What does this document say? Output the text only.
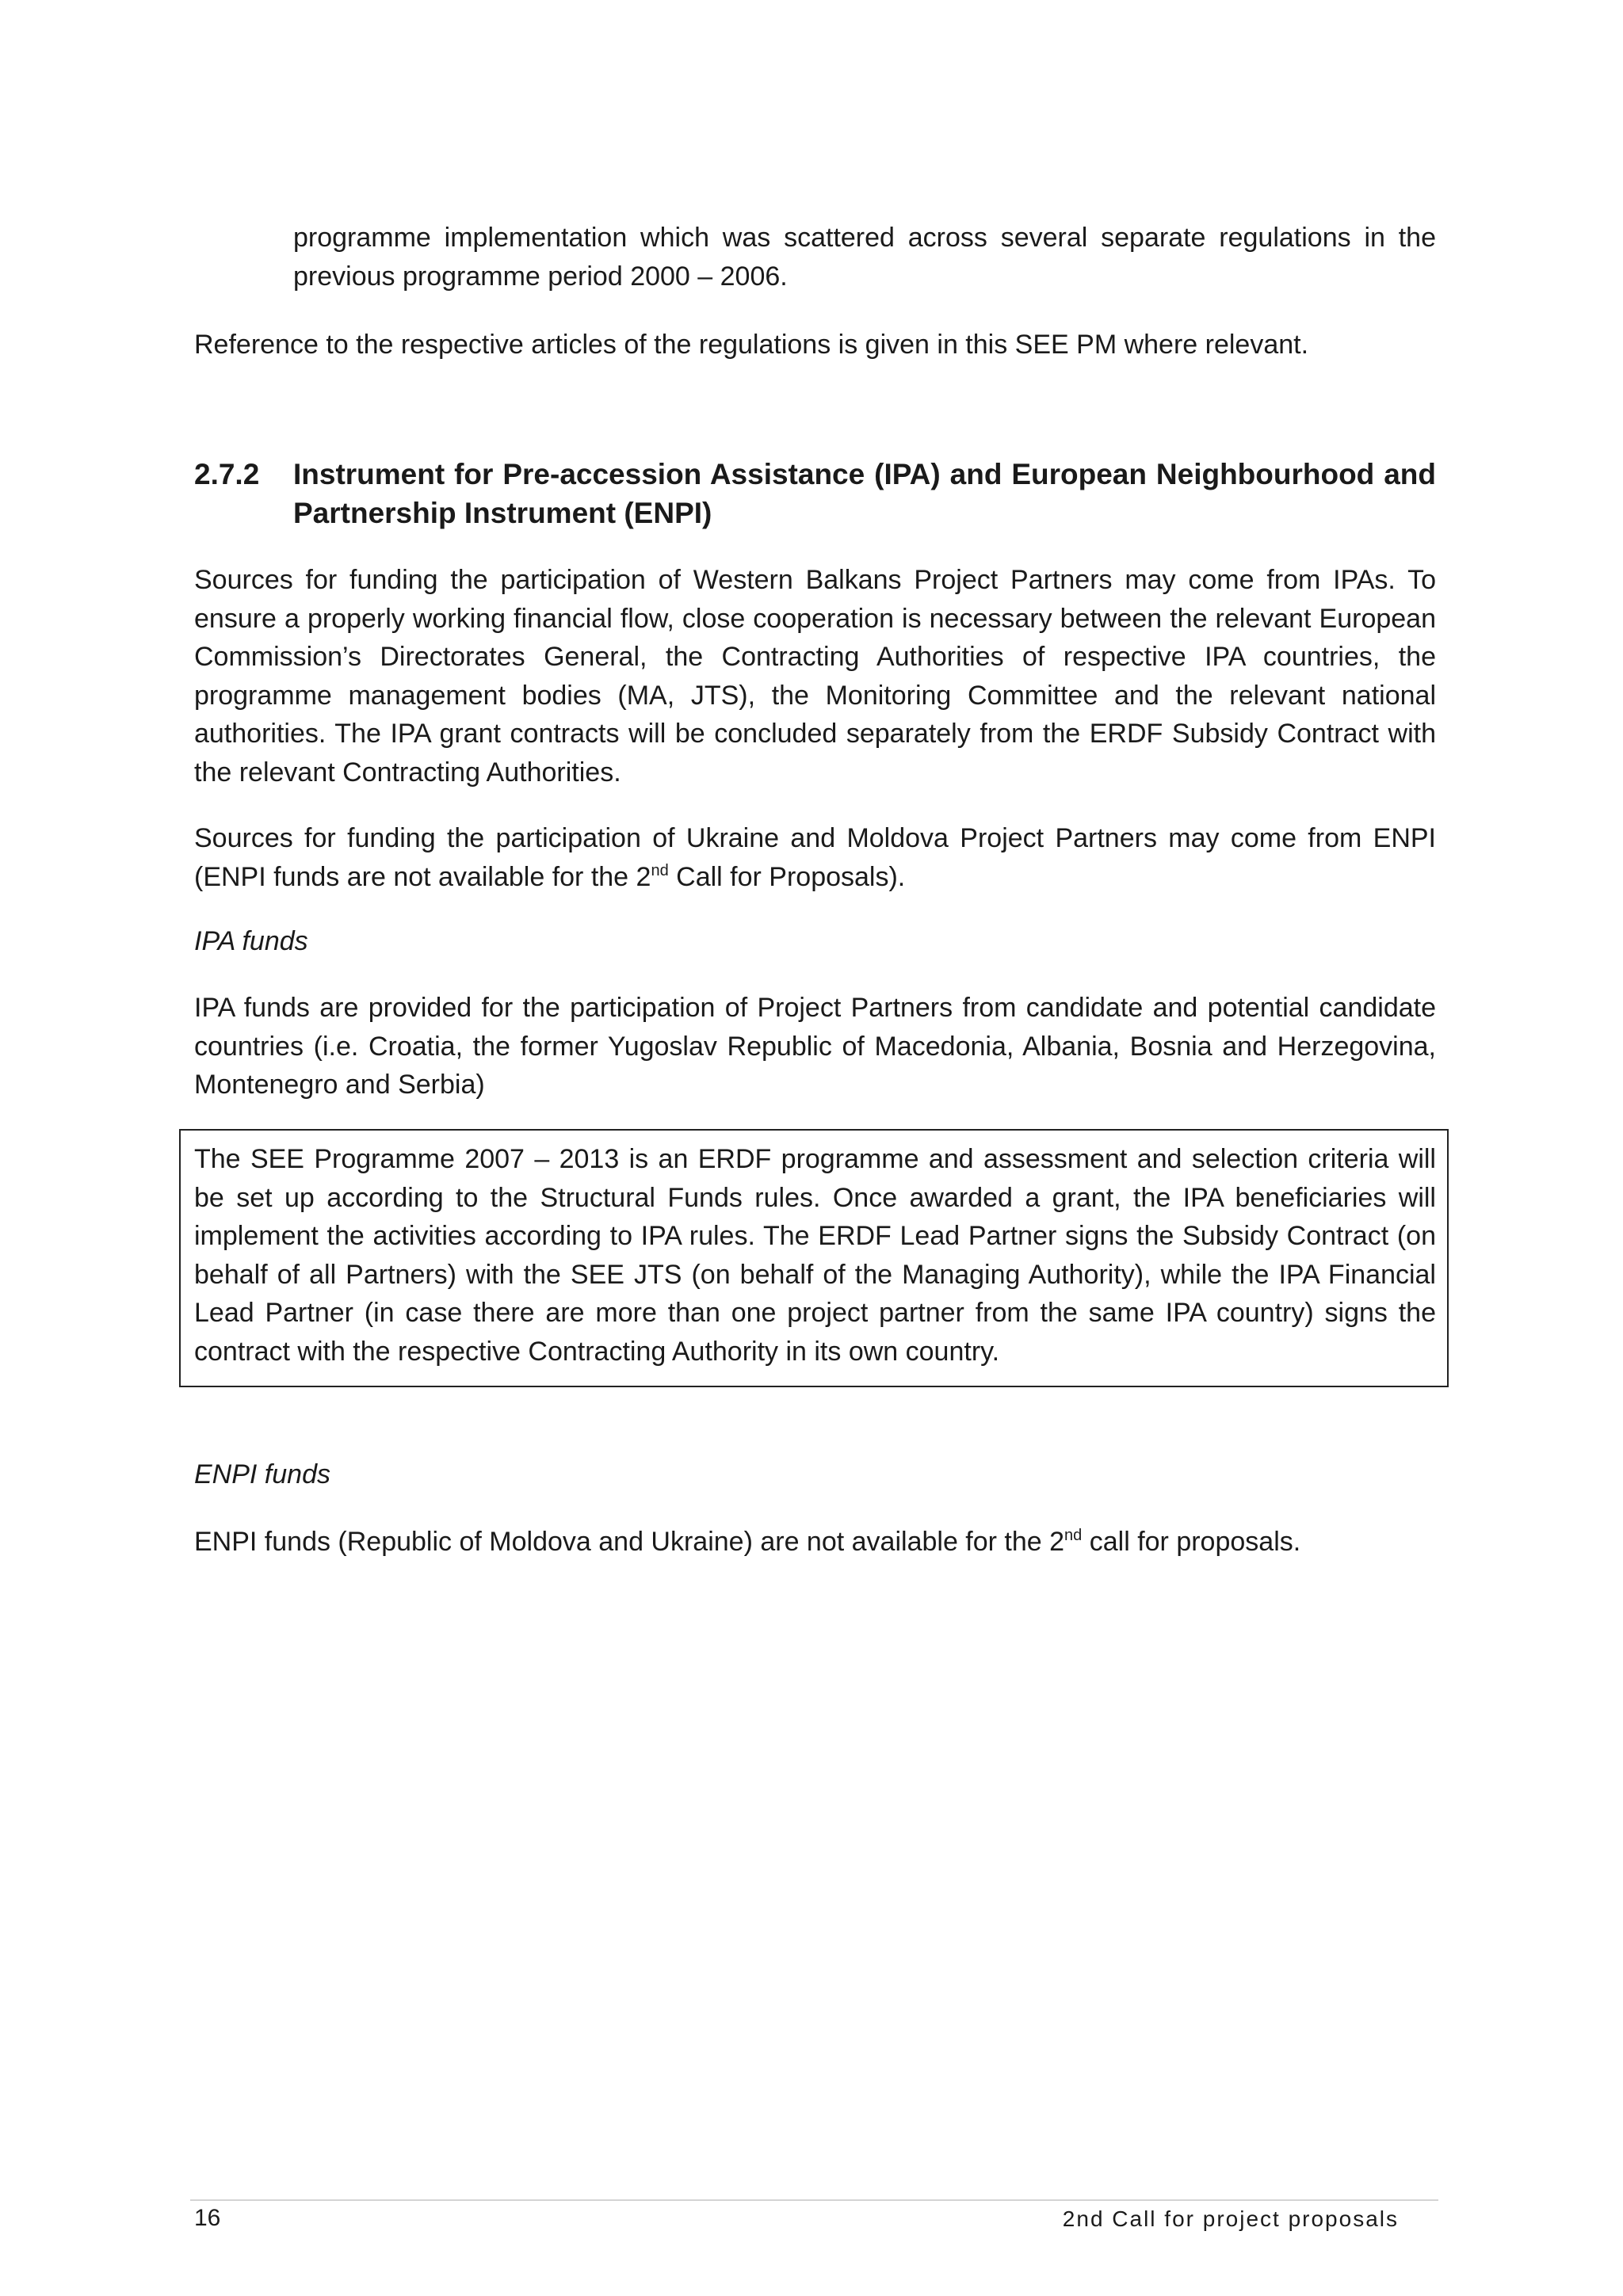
programme implementation which was scattered across several separate regulations in the

previous programme period 2000 – 2006.

Reference to the respective articles of the regulations is given in this SEE PM where relevant.

2.7.2 Instrument for Pre-accession Assistance (IPA) and European Neighbourhood and Partnership Instrument (ENPI)

Sources for funding the participation of Western Balkans Project Partners may come from IPAs. To ensure a properly working financial flow, close cooperation is necessary between the relevant European Commission’s Directorates General, the Contracting Authorities of respective IPA countries, the programme management bodies (MA, JTS), the Monitoring Committee and the relevant national authorities. The IPA grant contracts will be concluded separately from the ERDF Subsidy Contract with the relevant Contracting Authorities.

Sources for funding the participation of Ukraine and Moldova Project Partners may come from ENPI (ENPI funds are not available for the 2nd Call for Proposals).

IPA funds

IPA funds are provided for the participation of Project Partners from candidate and potential candidate countries (i.e. Croatia, the former Yugoslav Republic of Macedonia, Albania, Bosnia and Herzegovina, Montenegro and Serbia)

The SEE Programme 2007 – 2013 is an ERDF programme and assessment and selection criteria will be set up according to the Structural Funds rules. Once awarded a grant, the IPA beneficiaries will implement the activities according to IPA rules. The ERDF Lead Partner signs the Subsidy Contract (on behalf of all Partners) with the SEE JTS (on behalf of the Managing Authority), while the IPA Financial Lead Partner (in case there are more than one project partner from the same IPA country) signs the contract with the respective Contracting Authority in its own country.

ENPI funds

ENPI funds (Republic of Moldova and Ukraine) are not available for the 2nd call for proposals.

16	2nd Call for project proposals
